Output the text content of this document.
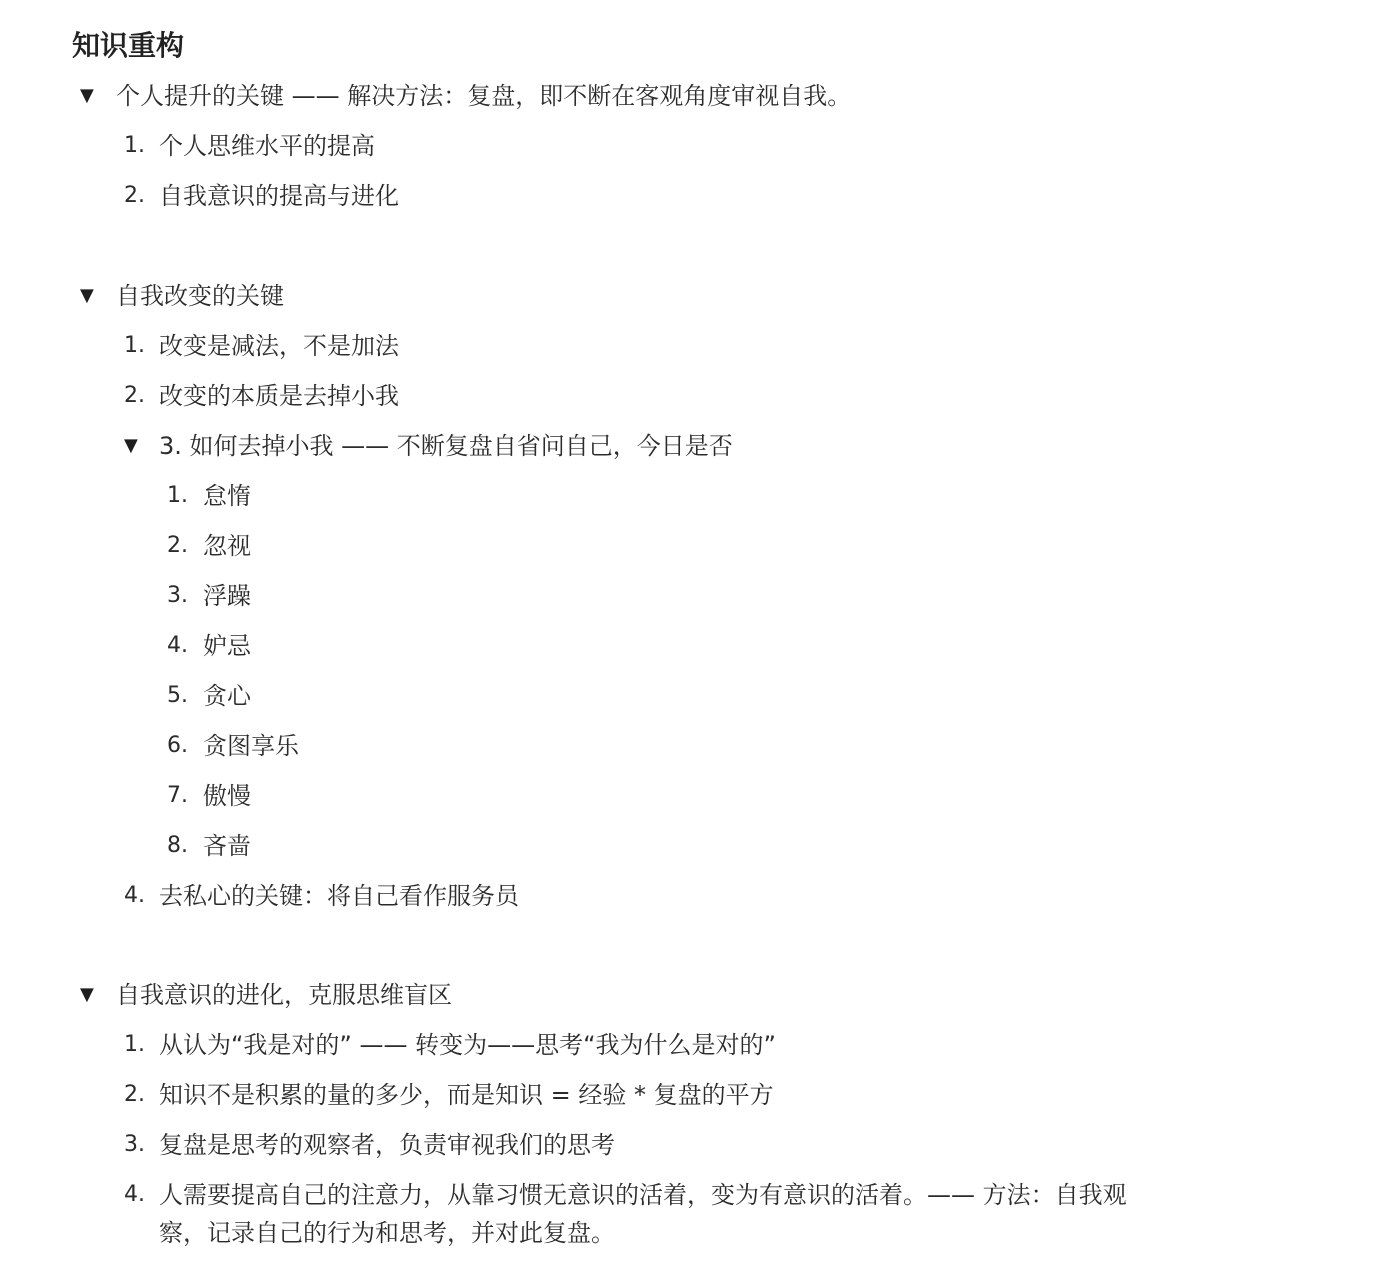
知识重构
▼ 个人提升的关键 —— 解决方法：复盘，即不断在客观角度审视自我。
1. 个人思维水平的提高
2. 自我意识的提高与进化
▼ 自我改变的关键
1. 改变是减法，不是加法
2. 改变的本质是去掉小我
▼ 3. 如何去掉小我 —— 不断复盘自省问自己，今日是否
1. 怠惰
2. 忽视
3. 浮躁
4. 妒忌
5. 贪心
6. 贪图享乐
7. 傲慢
8. 吝啬
4. 去私心的关键：将自己看作服务员
▼ 自我意识的进化，克服思维盲区
1. 从认为“我是对的” —— 转变为——思考“我为什么是对的”
2. 知识不是积累的量的多少，而是知识 = 经验 * 复盘的平方
3. 复盘是思考的观察者，负责审视我们的思考
4. 人需要提高自己的注意力，从靠习惯无意识的活着，变为有意识的活着。—— 方法：自我观察，记录自己的行为和思考，并对此复盘。
